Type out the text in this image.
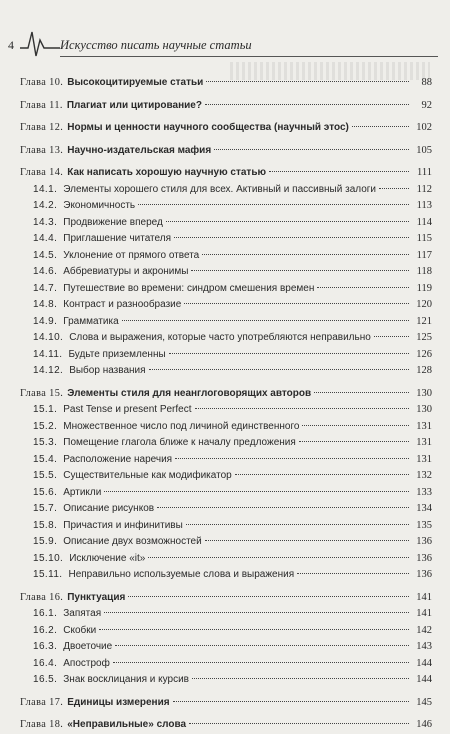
4	Искусство писать научные статьи
Глава 10. Высокоцитируемые статьи	88
Глава 11. Плагиат или цитирование?	92
Глава 12. Нормы и ценности научного сообщества (научный этос)	102
Глава 13. Научно-издательская мафия	105
Глава 14. Как написать хорошую научную статью	111
14.1. Элементы хорошего стиля для всех. Активный и пассивный залоги	112
14.2. Экономичность	113
14.3. Продвижение вперед	114
14.4. Приглашение читателя	115
14.5. Уклонение от прямого ответа	117
14.6. Аббревиатуры и акронимы	118
14.7. Путешествие во времени: синдром смешения времен	119
14.8. Контраст и разнообразие	120
14.9. Грамматика	121
14.10. Слова и выражения, которые часто употребляются неправильно	125
14.11. Будьте приземленны	126
14.12. Выбор названия	128
Глава 15. Элементы стиля для неанглоговорящих авторов	130
15.1. Past Tense и present Perfect	130
15.2. Множественное число под личиной единственного	131
15.3. Помещение глагола ближе к началу предложения	131
15.4. Расположение наречия	131
15.5. Существительные как модификатор	132
15.6. Артикли	133
15.7. Описание рисунков	134
15.8. Причастия и инфинитивы	135
15.9. Описание двух возможностей	136
15.10. Исключение «it»	136
15.11. Неправильно используемые слова и выражения	136
Глава 16. Пунктуация	141
16.1. Запятая	141
16.2. Скобки	142
16.3. Двоеточие	143
16.4. Апостроф	144
16.5. Знак восклицания и курсив	144
Глава 17. Единицы измерения	145
Глава 18. «Неправильные» слова	146
